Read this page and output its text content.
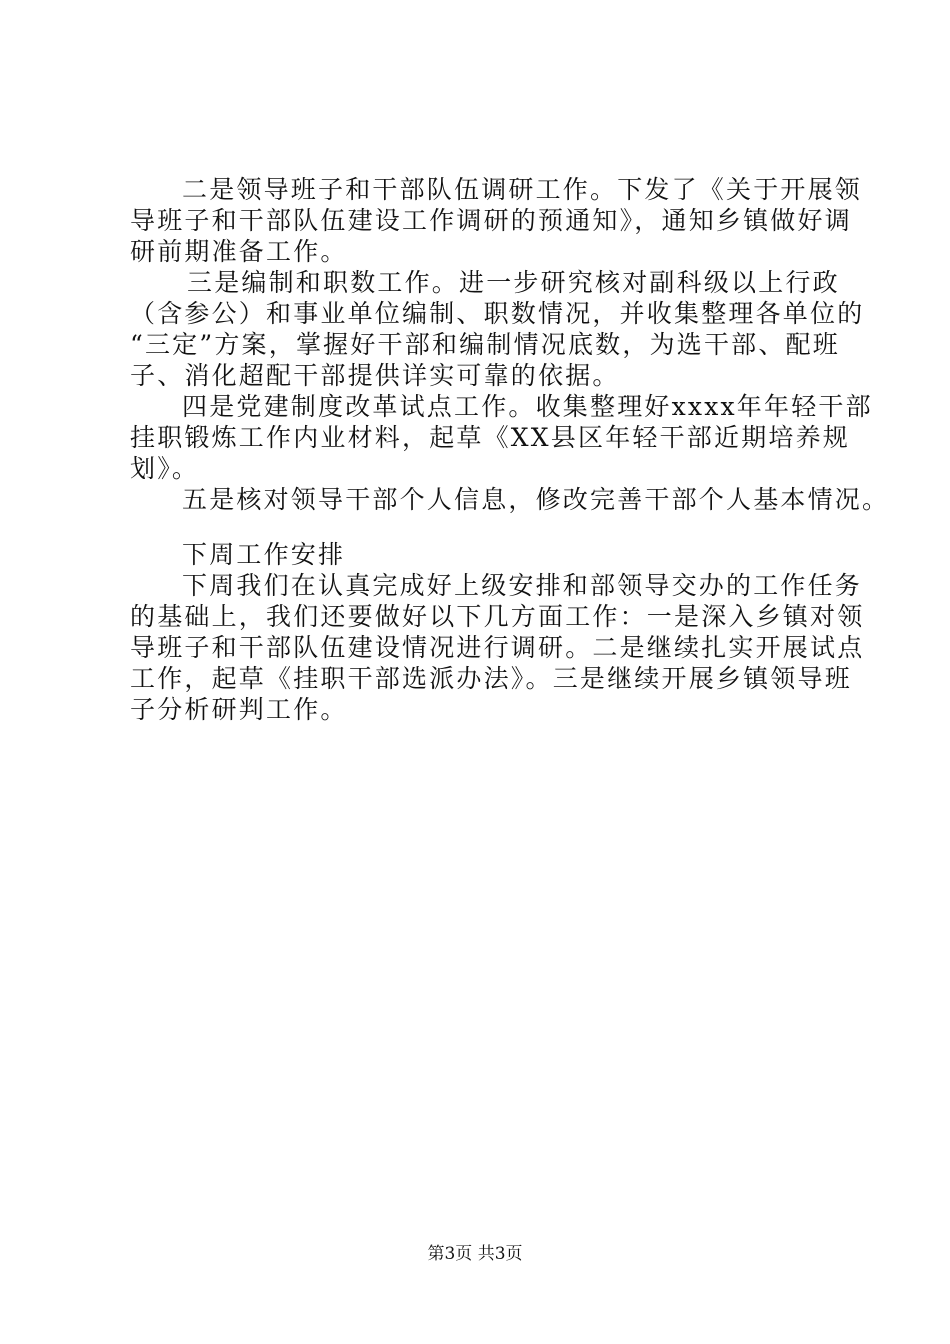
二是领导班子和干部队伍调研工作。下发了《关于开展领
导班子和干部队伍建设工作调研的预通知》，通知乡镇做好调
研前期准备工作。
三是编制和职数工作。进一步研究核对副科级以上行政
（含参公）和事业单位编制、职数情况，并收集整理各单位的
“三定”方案，掌握好干部和编制情况底数，为选干部、配班
子、消化超配干部提供详实可靠的依据。
四是党建制度改革试点工作。收集整理好xxxx年年轻干部
挂职锻炼工作内业材料，起草《XX县区年轻干部近期培养规
划》。
五是核对领导干部个人信息，修改完善干部个人基本情况。
下周工作安排
下周我们在认真完成好上级安排和部领导交办的工作任务
的基础上，我们还要做好以下几方面工作：一是深入乡镇对领
导班子和干部队伍建设情况进行调研。二是继续扎实开展试点
工作，起草《挂职干部选派办法》。三是继续开展乡镇领导班
子分析研判工作。
第3页 共3页
